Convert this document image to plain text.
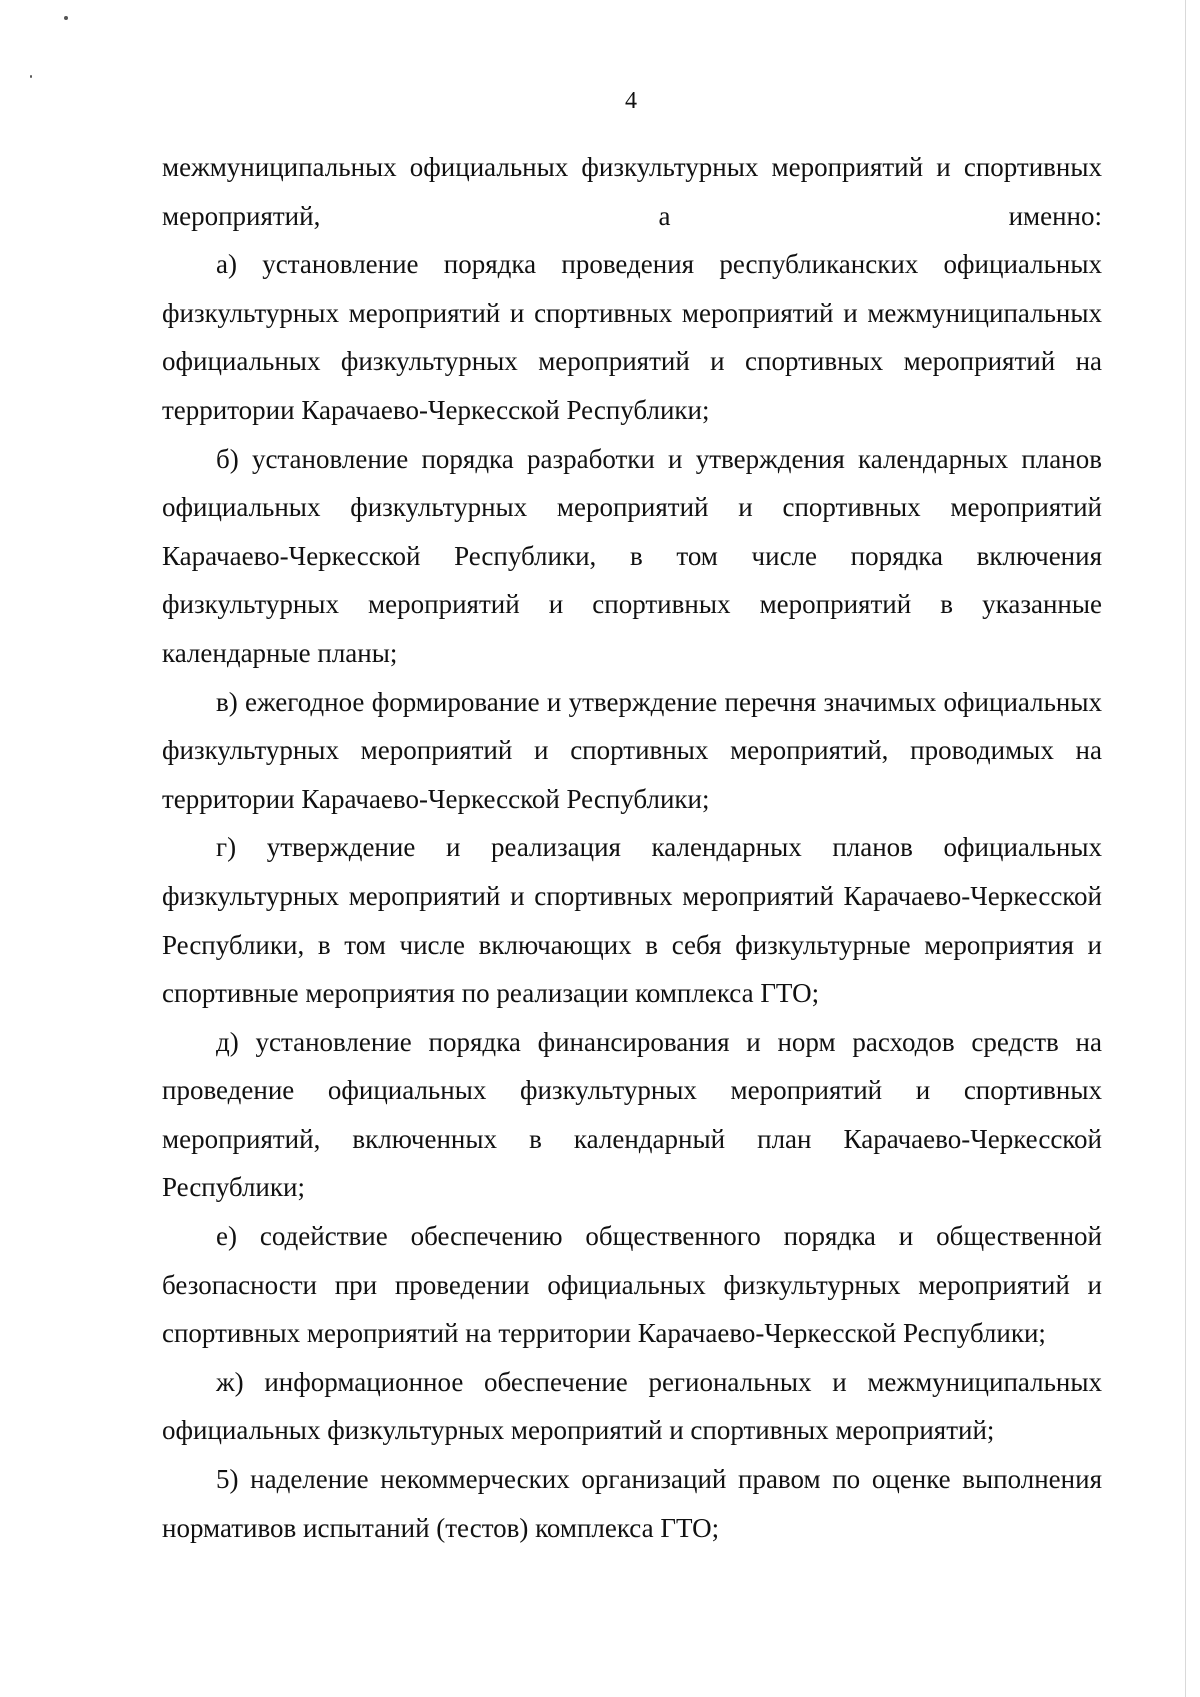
4

межмуниципальных официальных физкультурных мероприятий и спортивных мероприятий, а именно:

а) установление порядка проведения республиканских официальных физкультурных мероприятий и спортивных мероприятий и межмуниципальных официальных физкультурных мероприятий и спортивных мероприятий на территории Карачаево-Черкесской Республики;

б) установление порядка разработки и утверждения календарных планов официальных физкультурных мероприятий и спортивных мероприятий Карачаево-Черкесской Республики, в том числе порядка включения физкультурных мероприятий и спортивных мероприятий в указанные календарные планы;

в) ежегодное формирование и утверждение перечня значимых официальных физкультурных мероприятий и спортивных мероприятий, проводимых на территории Карачаево-Черкесской Республики;

г) утверждение и реализация календарных планов официальных физкультурных мероприятий и спортивных мероприятий Карачаево-Черкесской Республики, в том числе включающих в себя физкультурные мероприятия и спортивные мероприятия по реализации комплекса ГТО;

д) установление порядка финансирования и норм расходов средств на проведение официальных физкультурных мероприятий и спортивных мероприятий, включенных в календарный план Карачаево-Черкесской Республики;

е) содействие обеспечению общественного порядка и общественной безопасности при проведении официальных физкультурных мероприятий и спортивных мероприятий на территории Карачаево-Черкесской Республики;

ж) информационное обеспечение региональных и межмуниципальных официальных физкультурных мероприятий и спортивных мероприятий;

5) наделение некоммерческих организаций правом по оценке выполнения нормативов испытаний (тестов) комплекса ГТО;
